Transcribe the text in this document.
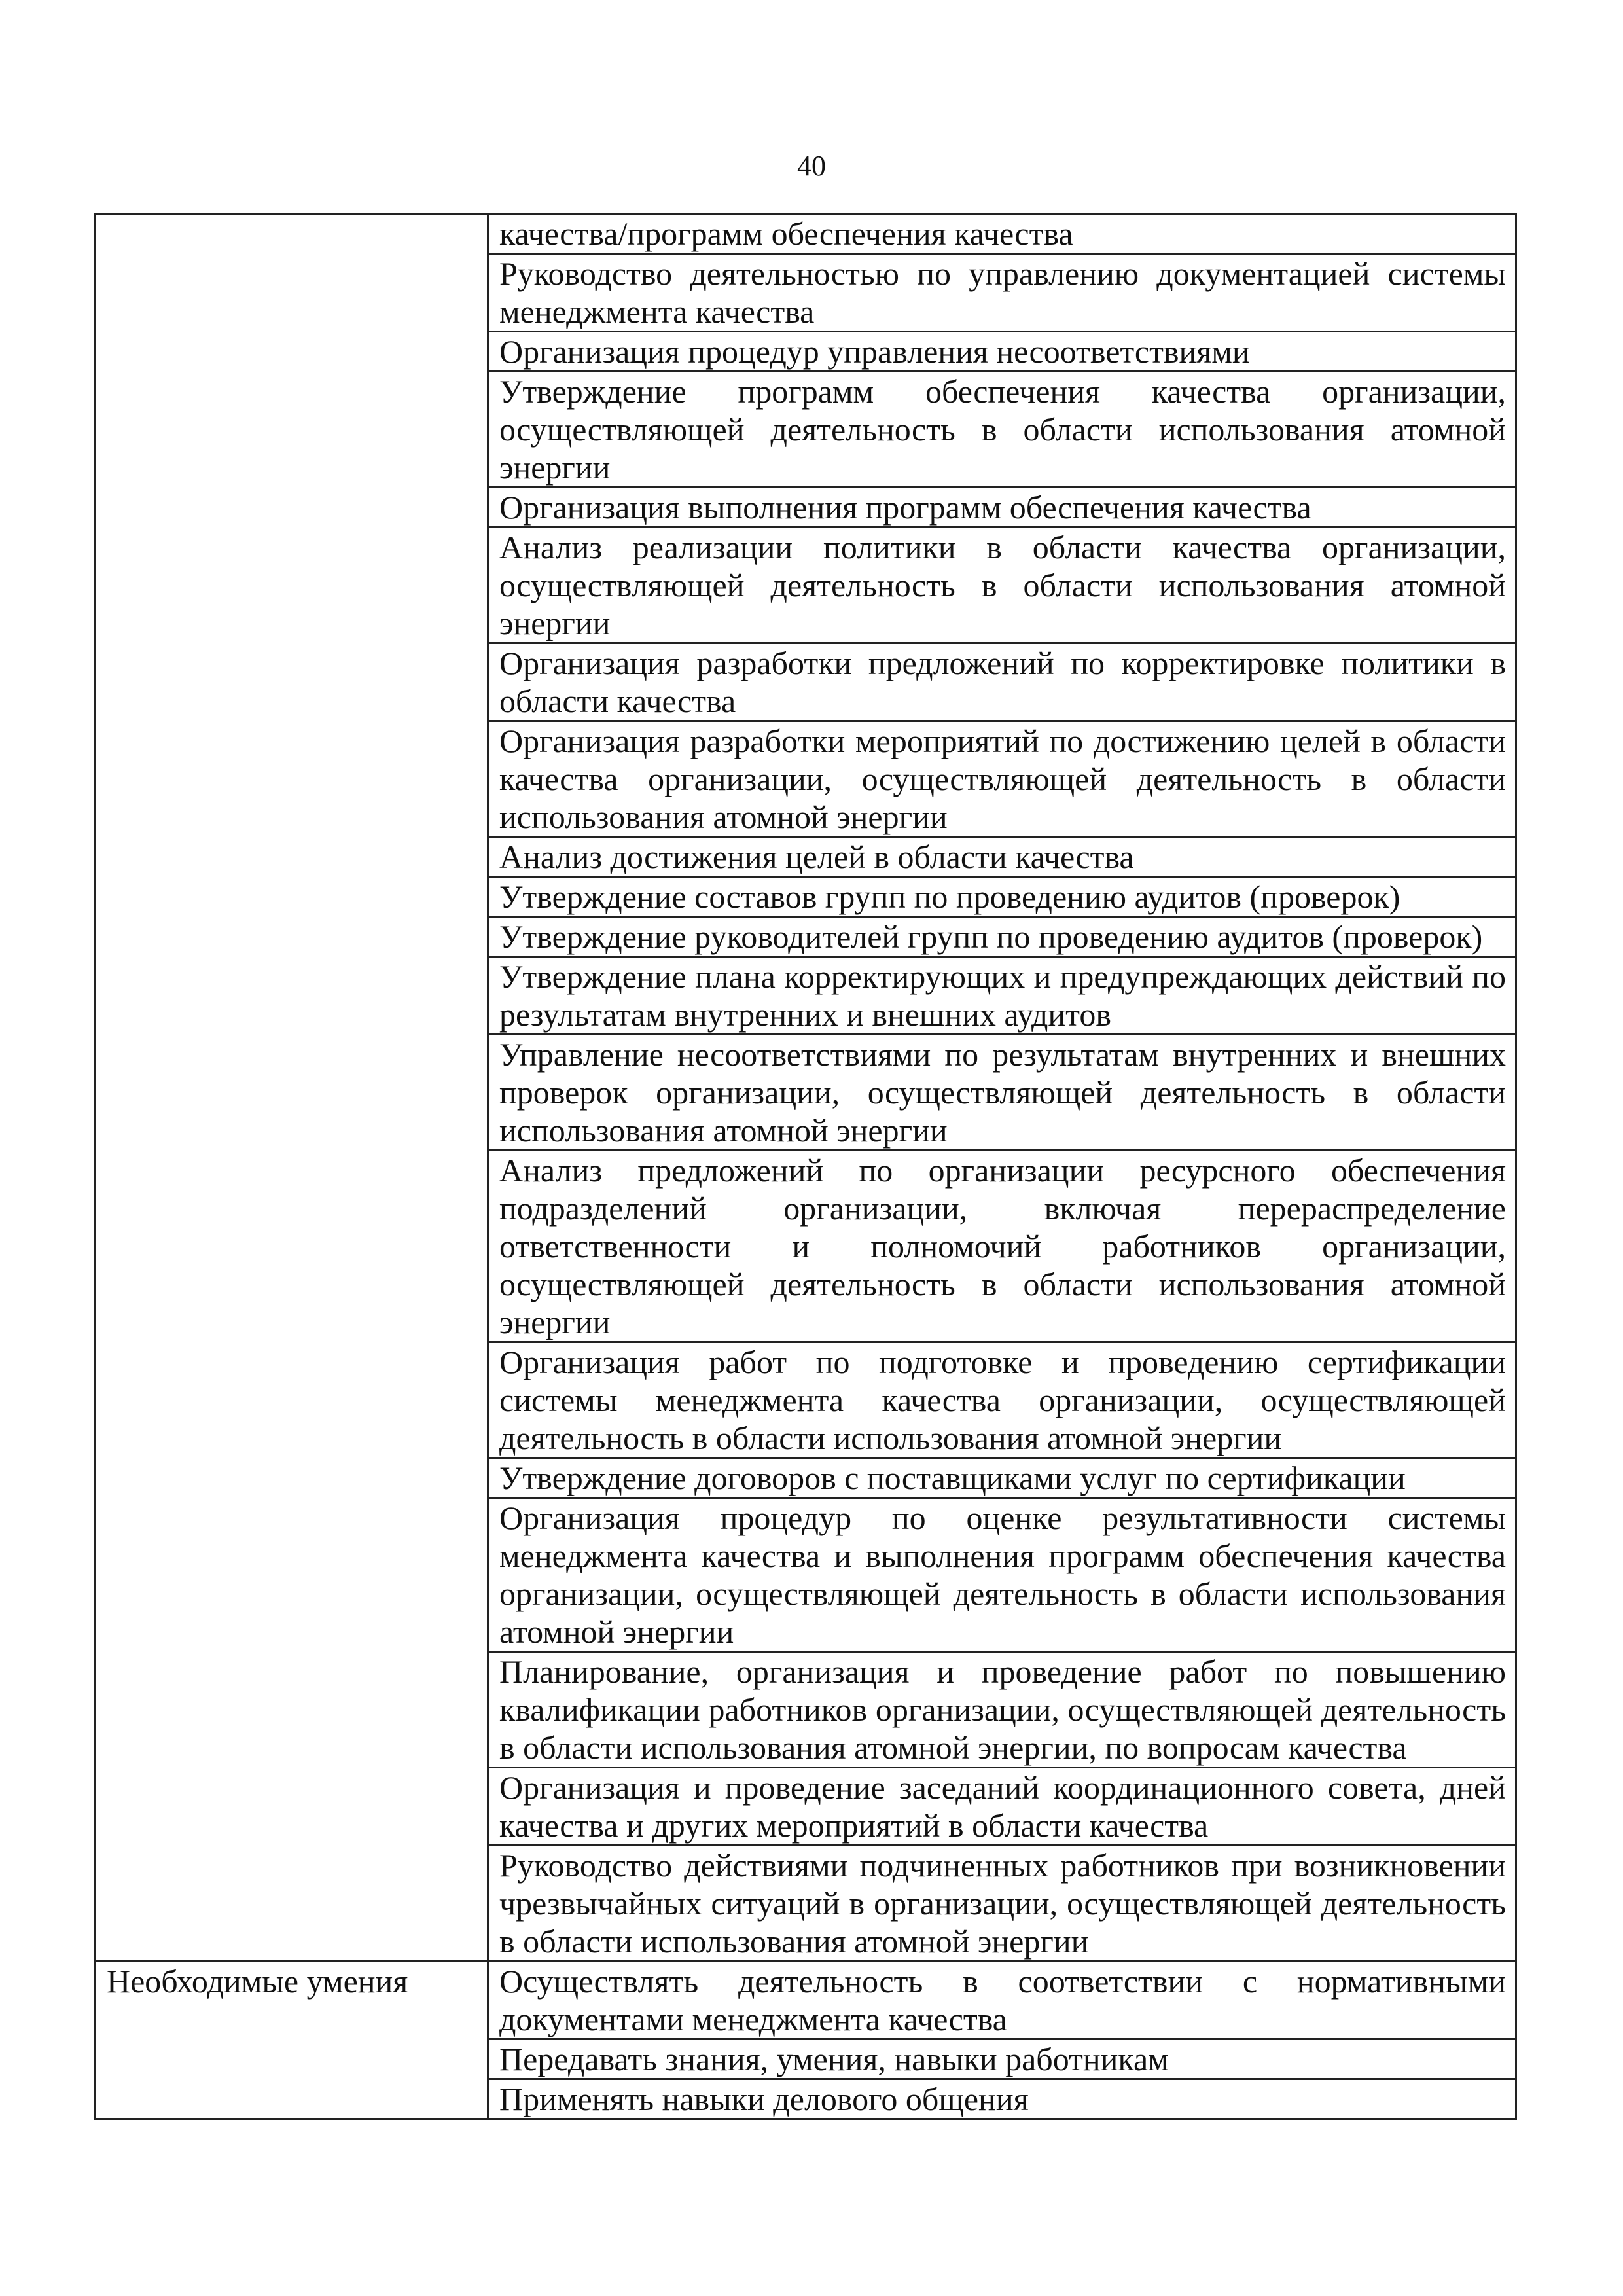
40
	качества/программ обеспечения качества
	Руководство деятельностью по управлению документацией системы менеджмента качества
	Организация процедур управления несоответствиями
	Утверждение программ обеспечения качества организации, осуществляющей деятельность в области использования атомной энергии
	Организация выполнения программ обеспечения качества
	Анализ реализации политики в области качества организации, осуществляющей деятельность в области использования атомной энергии
	Организация разработки предложений по корректировке политики в области качества
	Организация разработки мероприятий по достижению целей в области качества организации, осуществляющей деятельность в области использования атомной энергии
	Анализ достижения целей в области качества
	Утверждение составов групп по проведению аудитов (проверок)
	Утверждение руководителей групп по проведению аудитов (проверок)
	Утверждение плана корректирующих и предупреждающих действий по результатам внутренних и внешних аудитов
	Управление несоответствиями по результатам внутренних и внешних проверок организации, осуществляющей деятельность в области использования атомной энергии
	Анализ предложений по организации ресурсного обеспечения подразделений организации, включая перераспределение ответственности и полномочий работников организации, осуществляющей деятельность в области использования атомной энергии
	Организация работ по подготовке и проведению сертификации системы менеджмента качества организации, осуществляющей деятельность в области использования атомной энергии
	Утверждение договоров с поставщиками услуг по сертификации
	Организация процедур по оценке результативности системы менеджмента качества и выполнения программ обеспечения качества организации, осуществляющей деятельность в области использования атомной энергии
	Планирование, организация и проведение работ по повышению квалификации работников организации, осуществляющей деятельность в области использования атомной энергии, по вопросам качества
	Организация и проведение заседаний координационного совета, дней качества и других мероприятий в области качества
	Руководство действиями подчиненных работников при возникновении чрезвычайных ситуаций в организации, осуществляющей деятельность в области использования атомной энергии
Необходимые умения	Осуществлять деятельность в соответствии с нормативными документами менеджмента качества
	Передавать знания, умения, навыки работникам
	Применять навыки делового общения
